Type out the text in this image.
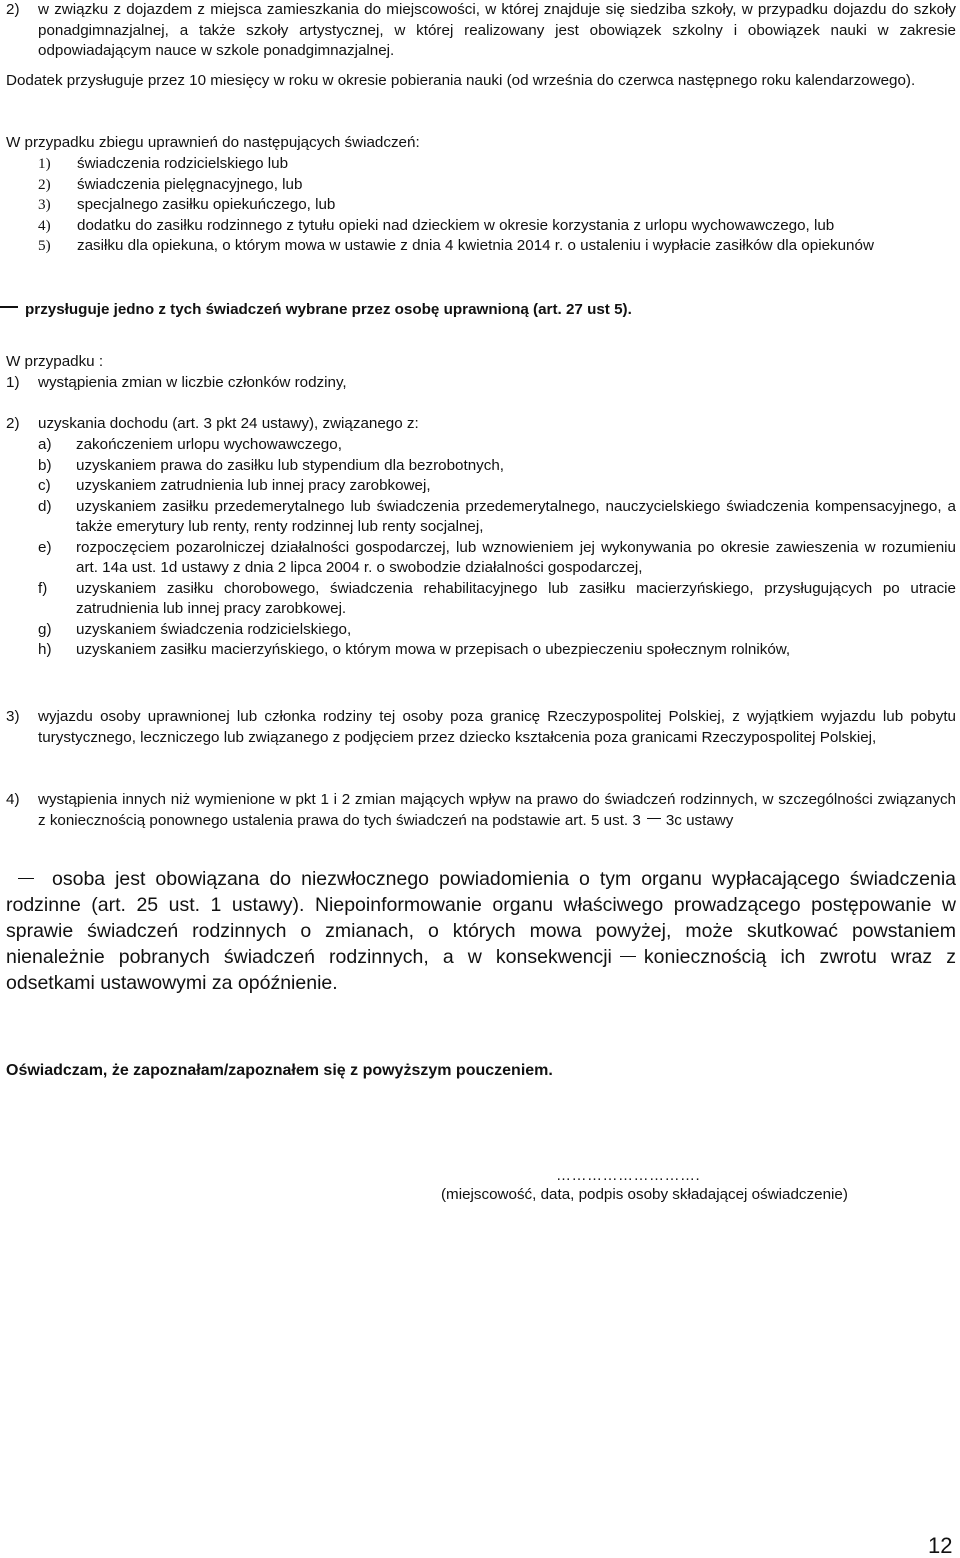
2) w związku z dojazdem z miejsca zamieszkania do miejscowości, w której znajduje się siedziba szkoły, w przypadku dojazdu do szkoły ponadgimnazjalnej, a także szkoły artystycznej, w której realizowany jest obowiązek szkolny i obowiązek nauki w zakresie odpowiadającym nauce w szkole ponadgimnazjalnej.
Dodatek przysługuje przez 10 miesięcy w roku w okresie pobierania nauki (od września do czerwca następnego roku kalendarzowego).
W przypadku zbiegu uprawnień do następujących świadczeń:
1) świadczenia rodzicielskiego lub
2) świadczenia pielęgnacyjnego, lub
3) specjalnego zasiłku opiekuńczego, lub
4) dodatku do zasiłku rodzinnego z tytułu opieki nad dzieckiem w okresie korzystania z urlopu wychowawczego, lub
5) zasiłku dla opiekuna, o którym mowa w ustawie z dnia 4 kwietnia 2014 r. o ustaleniu i wypłacie zasiłków dla opiekunów
przysługuje jedno z tych świadczeń wybrane przez osobę uprawnioną (art. 27 ust 5).
W przypadku :
1) wystąpienia zmian w liczbie członków rodziny,
2) uzyskania dochodu (art. 3 pkt 24 ustawy), związanego z:
a) zakończeniem urlopu wychowawczego,
b) uzyskaniem prawa do zasiłku lub stypendium dla bezrobotnych,
c) uzyskaniem zatrudnienia lub innej pracy zarobkowej,
d) uzyskaniem zasiłku przedemerytalnego lub świadczenia przedemerytalnego, nauczycielskiego świadczenia kompensacyjnego, a także emerytury lub renty, renty rodzinnej lub renty socjalnej,
e) rozpoczęciem pozarolniczej działalności gospodarczej, lub wznowieniem jej wykonywania po okresie zawieszenia w rozumieniu art. 14a ust. 1d ustawy z dnia 2 lipca 2004 r. o swobodzie działalności gospodarczej,
f) uzyskaniem zasiłku chorobowego, świadczenia rehabilitacyjnego lub zasiłku macierzyńskiego, przysługujących po utracie zatrudnienia lub innej pracy zarobkowej.
g) uzyskaniem świadczenia rodzicielskiego,
h) uzyskaniem zasiłku macierzyńskiego, o którym mowa w przepisach o ubezpieczeniu społecznym rolników,
3) wyjazdu osoby uprawnionej lub członka rodziny tej osoby poza granicę Rzeczypospolitej Polskiej, z wyjątkiem wyjazdu lub pobytu turystycznego, leczniczego lub związanego z podjęciem przez dziecko kształcenia poza granicami Rzeczypospolitej Polskiej,
4) wystąpienia innych niż wymienione w pkt 1 i 2 zmian mających wpływ na prawo do świadczeń rodzinnych, w szczególności związanych z koniecznością ponownego ustalenia prawa do tych świadczeń na podstawie art. 5 ust. 3 3c ustawy
osoba jest obowiązana do niezwłocznego powiadomienia o tym organu wypłacającego świadczenia rodzinne (art. 25 ust. 1 ustawy). Niepoinformowanie organu właściwego prowadzącego postępowanie w sprawie świadczeń rodzinnych o zmianach, o których mowa powyżej, może skutkować powstaniem nienależnie pobranych świadczeń rodzinnych, a w konsekwencji koniecznością ich zwrotu wraz z odsetkami ustawowymi za opóźnienie.
Oświadczam, że zapoznałam/zapoznałem się z powyższym pouczeniem.
……………………….
(miejscowość, data, podpis osoby składającej oświadczenie)
12
